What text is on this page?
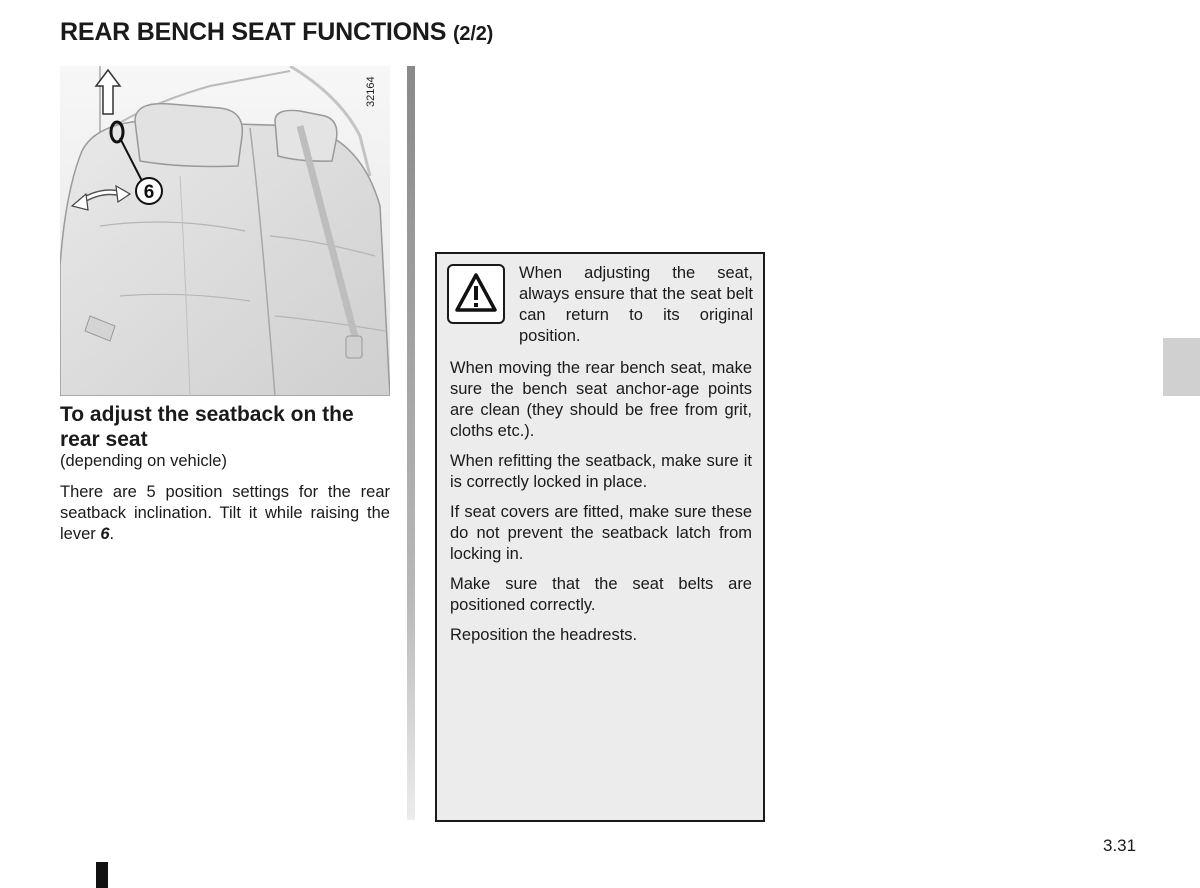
REAR BENCH SEAT FUNCTIONS (2/2)
6
32164
To adjust the seatback on the rear seat
(depending on vehicle)

There are 5 position settings for the rear seatback inclination. Tilt it while raising the lever 6.

When adjusting the seat, always ensure that the seat belt can return to its original position.

When moving the rear bench seat, make sure the bench seat anchor-age points are clean (they should be free from grit, cloths etc.).

When refitting the seatback, make sure it is correctly locked in place.

If seat covers are fitted, make sure these do not prevent the seatback latch from locking in.

Make sure that the seat belts are positioned correctly.

Reposition the headrests.

3.31
